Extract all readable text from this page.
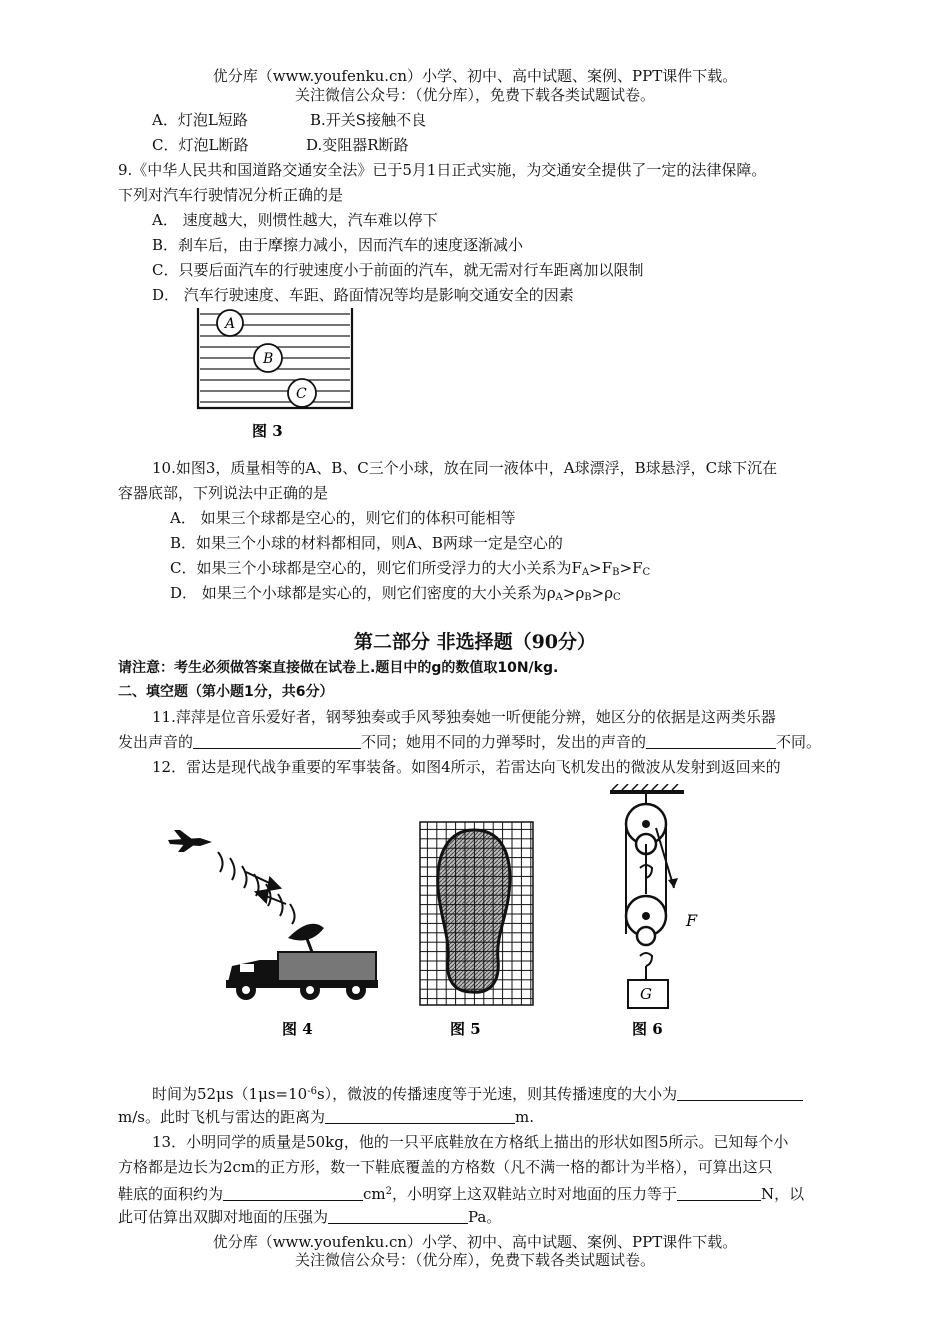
优分库（www.youfenku.cn）小学、初中、高中试题、案例、PPT课件下载。
关注微信公众号：（优分库），免费下载各类试题试卷。
A．灯泡L短路	B.开关S接触不良
C．灯泡L断路	D.变阻器R断路
9.《中华人民共和国道路交通安全法》已于5月1日正式实施，为交通安全提供了一定的法律保障。
下列对汽车行驶情况分析正确的是
A． 速度越大，则惯性越大，汽车难以停下
B．刹车后，由于摩擦力减小，因而汽车的速度逐渐减小
C．只要后面汽车的行驶速度小于前面的汽车，就无需对行车距离加以限制
D． 汽车行驶速度、车距、路面情况等均是影响交通安全的因素
A
B
C
图 3
10.如图3，质量相等的A、B、C三个小球，放在同一液体中，A球漂浮，B球悬浮，C球下沉在
容器底部，下列说法中正确的是
A． 如果三个球都是空心的，则它们的体积可能相等
B．如果三个小球的材料都相同，则A、B两球一定是空心的
C．如果三个小球都是空心的，则它们所受浮力的大小关系为$F_A>F_B>F_C$
D． 如果三个小球都是实心的，则它们密度的大小关系为$\rho_A>\rho_B>\rho_C$
第二部分 非选择题（90分）
请注意：考生必须做答案直接做在试卷上.题目中的g的数值取10N/kg.
二、填空题（第小题1分，共6分）
11.萍萍是位音乐爱好者，钢琴独奏或手风琴独奏她一听便能分辨，她区分的依据是这两类乐器
发出声音的	不同；她用不同的力弹琴时，发出的声音的	不同。
12．雷达是现代战争重要的军事装备。如图4所示，若雷达向飞机发出的微波从发射到返回来的
图 4	图 5
G
F
图 6
时间为$52\mu s(1\mu s=10^{-6}s)$，微波的传播速度等于光速，则其传播速度的大小为
m/s。此时飞机与雷达的距离为	m.
13．小明同学的质量是50kg，他的一只平底鞋放在方格纸上描出的形状如图5所示。已知每个小
方格都是边长为2cm的正方形，数一下鞋底覆盖的方格数（凡不满一格的都计为半格），可算出这只
鞋底的面积约为	$cm^2$，小明穿上这双鞋站立时对地面的压力等于	N，以
此可估算出双脚对地面的压强为	Pa。
优分库（www.youfenku.cn）小学、初中、高中试题、案例、PPT课件下载。
关注微信公众号：（优分库），免费下载各类试题试卷。
